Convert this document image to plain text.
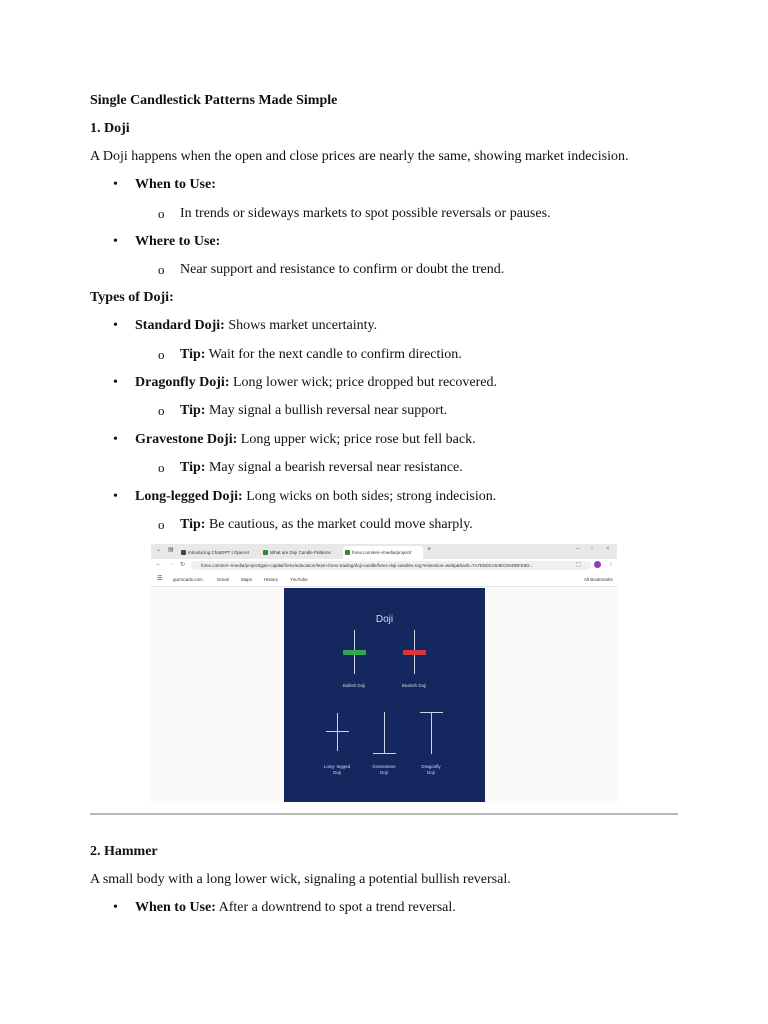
Single Candlestick Patterns Made Simple
1. Doji
A Doji happens when the open and close prices are nearly the same, showing market indecision.
• When to Use:
o In trends or sideways markets to spot possible reversals or pauses.
• Where to Use:
o Near support and resistance to confirm or doubt the trend.
Types of Doji:
• Standard Doji: Shows market uncertainty.
o Tip: Wait for the next candle to confirm direction.
• Dragonfly Doji: Long lower wick; price dropped but recovered.
o Tip: May signal a bullish reversal near support.
• Gravestone Doji: Long upper wick; price rose but fell back.
o Tip: May signal a bearish reversal near resistance.
• Long-legged Doji: Long wicks on both sides; strong indecision.
o Tip: Be cautious, as the market could move sharply.
⌄ ▤	Introducing ChatGPT | OpenAI	What are Doji Candle Patterns	forex.com/en/~/media/project/	+	– ▫ ×
← → ↻	forex.com/en/~/media/project/gain-capital/forex/education/learn-forex-trading/doji-candle/forex-doji-candles.svg?extension=webp&hash=7A7E5DCA54ECE5DBFE6D...	⬚	⋮
☰ gumroadx.com	Gmail	Maps	History	YouTube	All Bookmarks
Doji
Bullish Doji	Bearish Doji
Long- legged
Doji
Gravestone
Doji
Dragonfly
Doji
2. Hammer
A small body with a long lower wick, signaling a potential bullish reversal.
• When to Use: After a downtrend to spot a trend reversal.
